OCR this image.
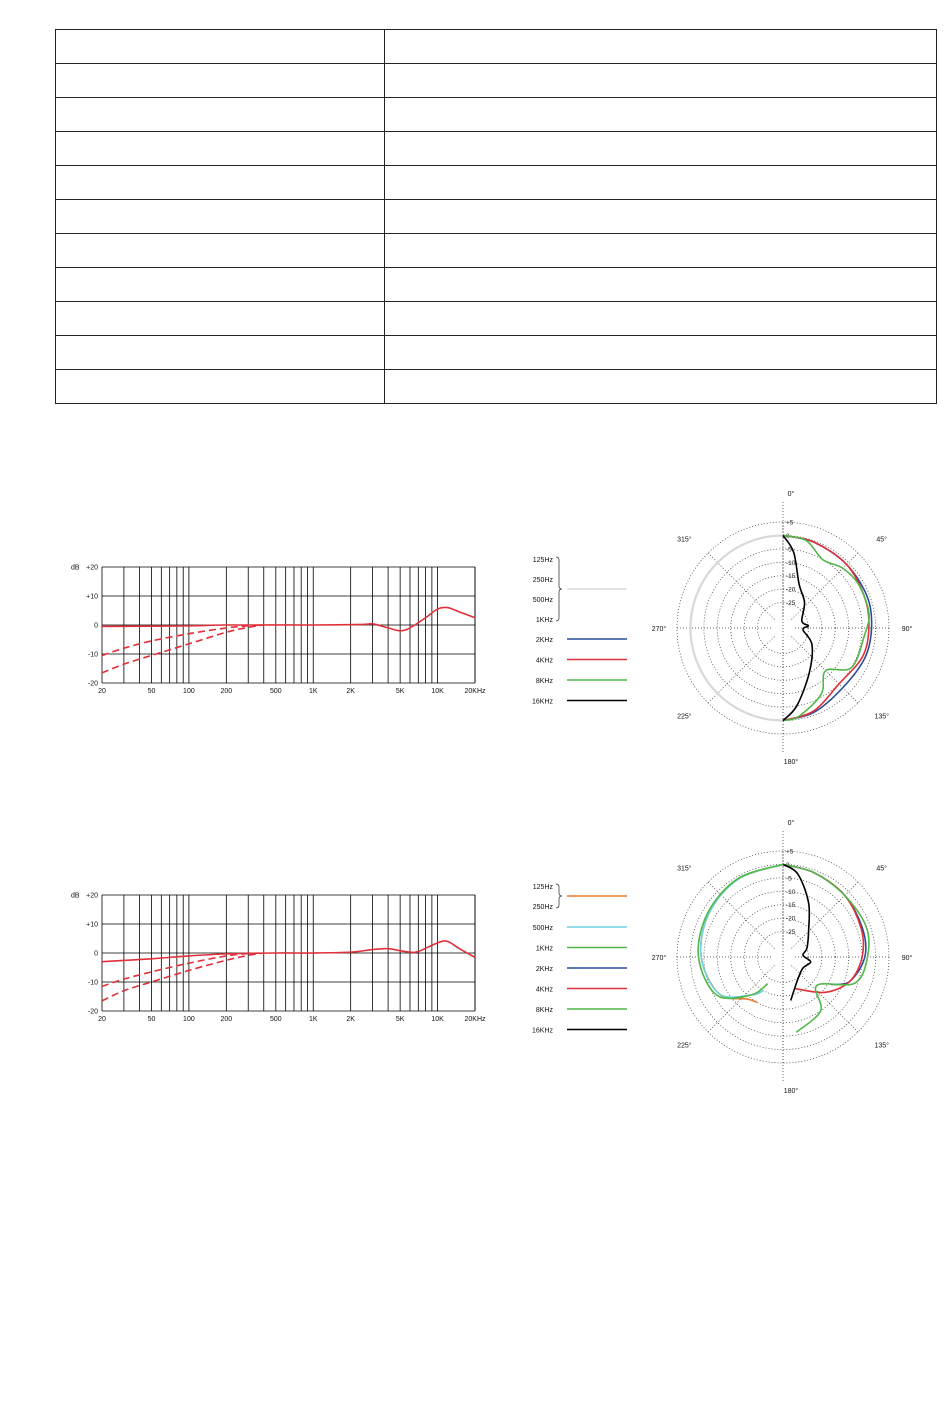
+20
+10
0
-10
-20
dB
20	50	100	200	500	1K	2K	5K	10K	20KHz
+20
+10
0
-10
-20
dB
20	50	100	200	500	1K	2K	5K	10K	20KHz
+5
0
-5
-10
-15
-20
-25
0°
45°
90°
135°
180°
225°
270°
315°
125Hz
250Hz
500Hz
1KHz
2KHz
4KHz
8KHz
16KHz
+5
0
-5
-10
-15
-20
-25
0°
45°
90°
135°
180°
225°
270°
315°
125Hz
250Hz
500Hz
1KHz
2KHz
4KHz
8KHz
16KHz
